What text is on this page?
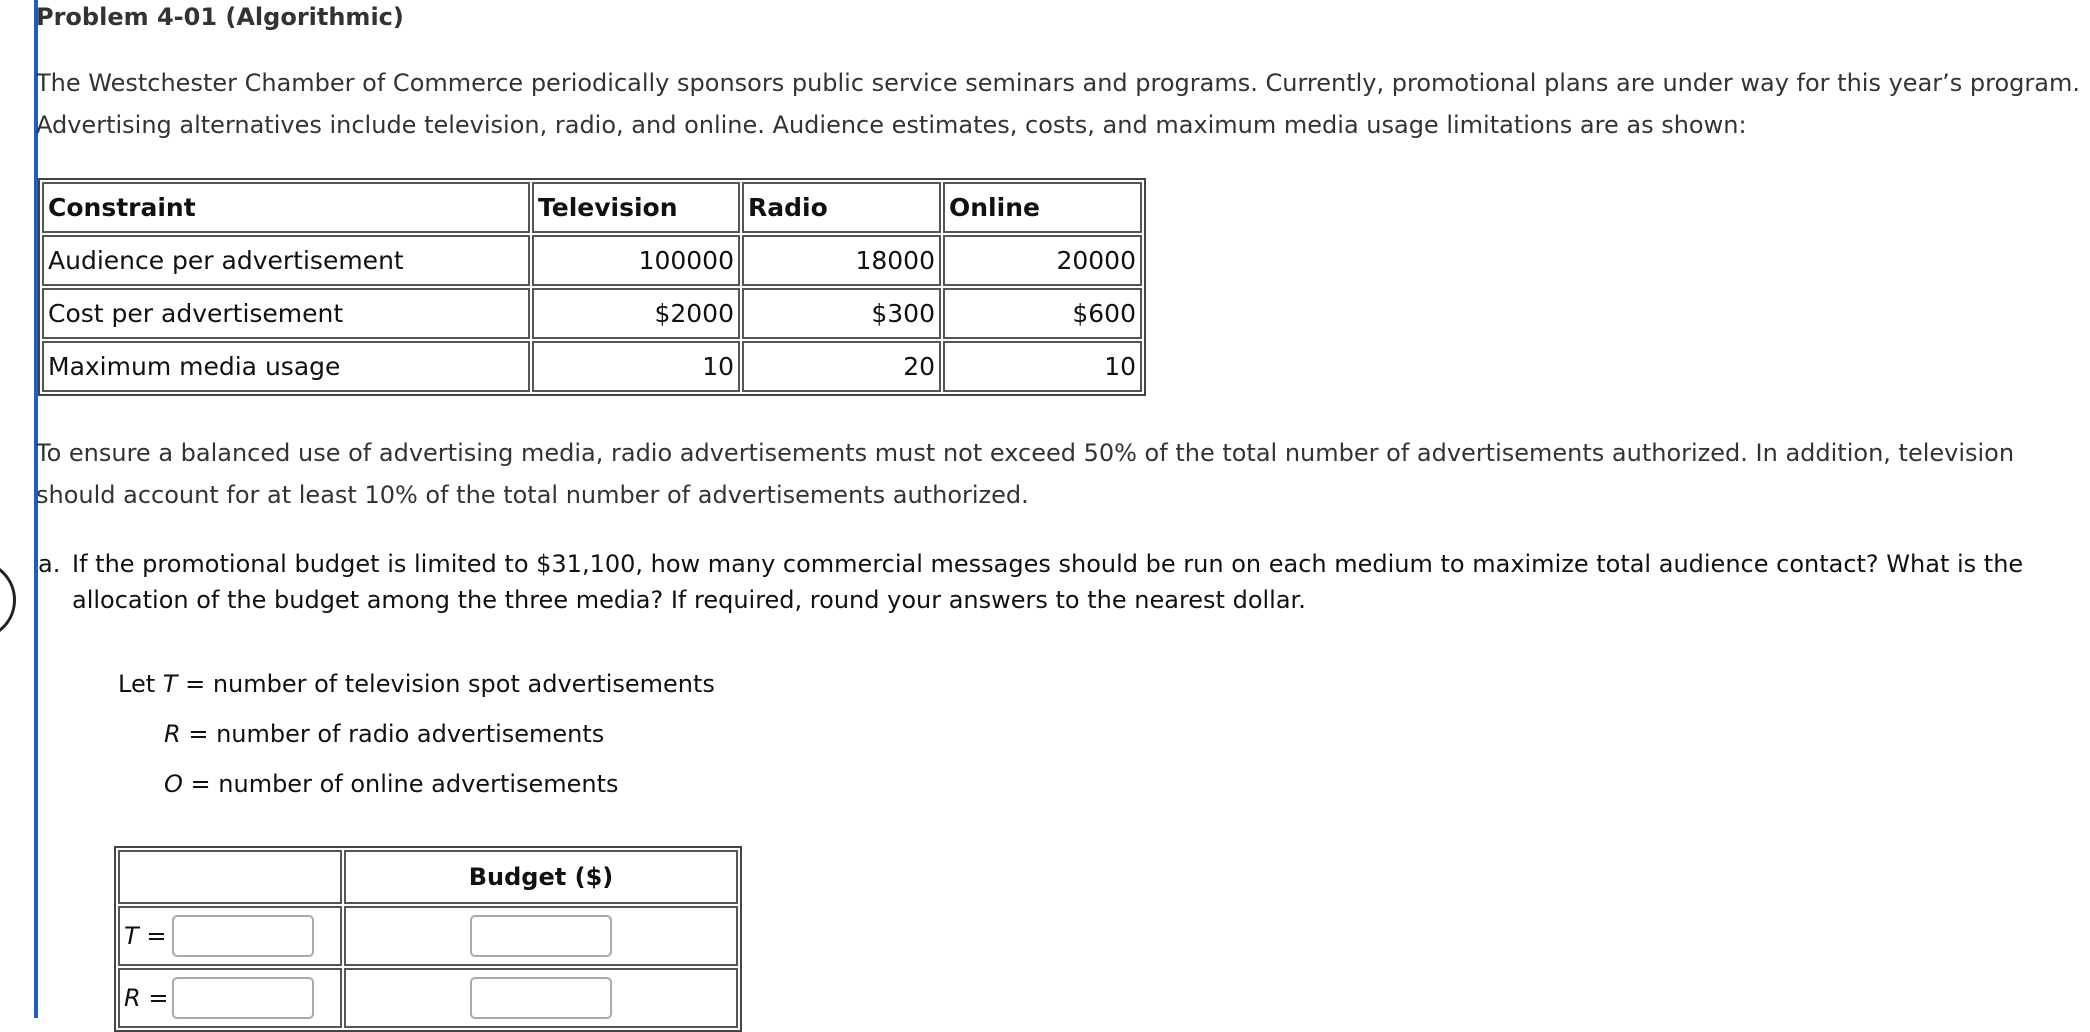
Problem 4-01 (Algorithmic)
The Westchester Chamber of Commerce periodically sponsors public service seminars and programs. Currently, promotional plans are under way for this year’s program. Advertising alternatives include television, radio, and online. Audience estimates, costs, and maximum media usage limitations are as shown:
Constraint	Television	Radio	Online
Audience per advertisement	100000	18000	20000
Cost per advertisement	$2000	$300	$600
Maximum media usage	10	20	10
To ensure a balanced use of advertising media, radio advertisements must not exceed 50% of the total number of advertisements authorized. In addition, television should account for at least 10% of the total number of advertisements authorized.
a. If the promotional budget is limited to $31,100, how many commercial messages should be run on each medium to maximize total audience contact? What is the allocation of the budget among the three media? If required, round your answers to the nearest dollar.
Let T = number of television spot advertisements
R = number of radio advertisements
O = number of online advertisements
	Budget ($)
T =	
R =	
